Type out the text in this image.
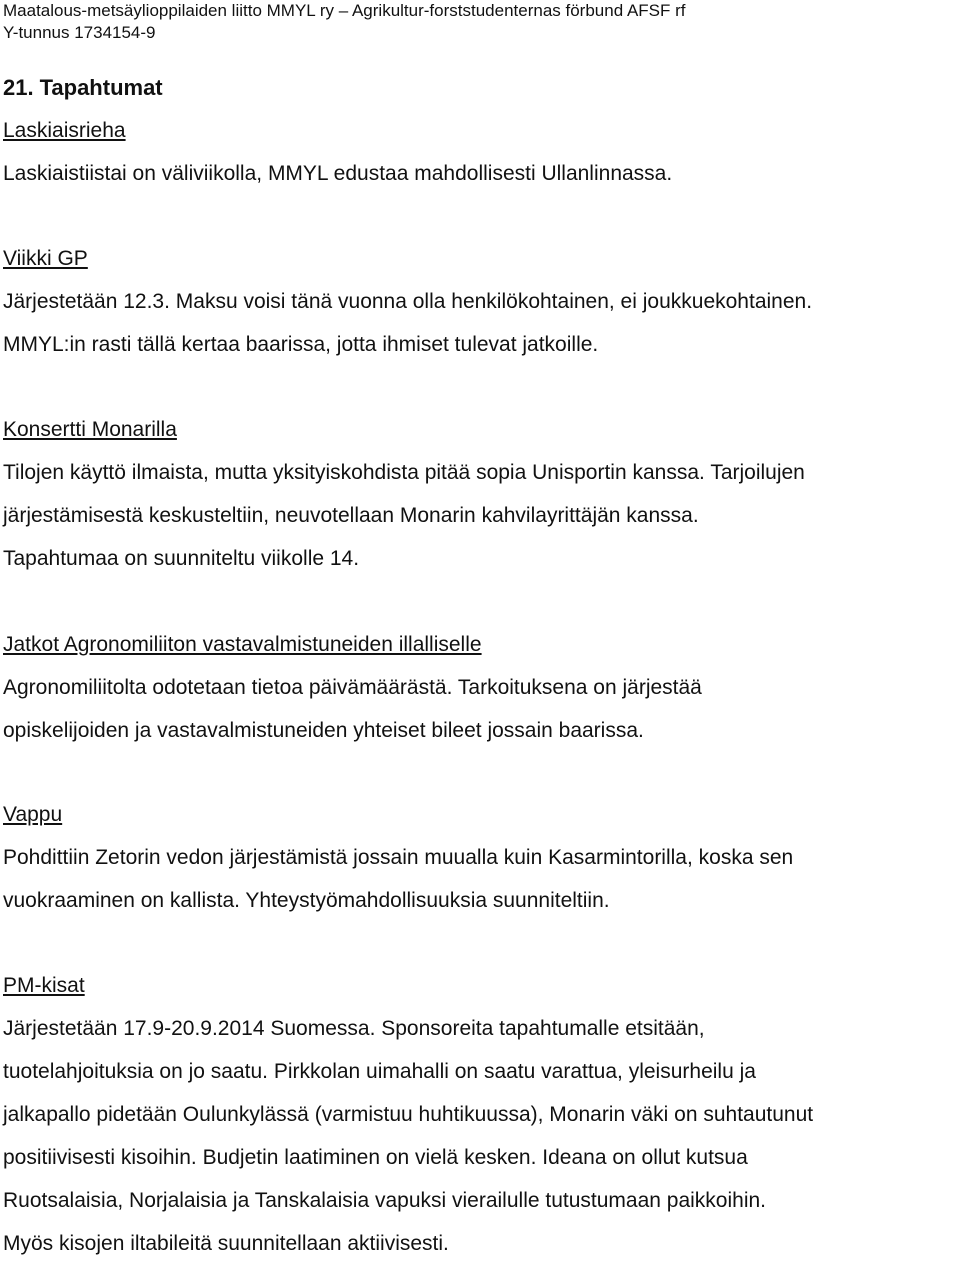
Maatalous-metsäylioppilaiden liitto MMYL ry – Agrikultur-forststudenternas förbund AFSF rf
Y-tunnus 1734154-9
21. Tapahtumat
Laskiaisrieha
Laskiaistiistai on väliviikolla, MMYL edustaa mahdollisesti Ullanlinnassa.
Viikki GP
Järjestetään 12.3. Maksu voisi tänä vuonna olla henkilökohtainen, ei joukkuekohtainen.
MMYL:in rasti tällä kertaa baarissa, jotta ihmiset tulevat jatkoille.
Konsertti Monarilla
Tilojen käyttö ilmaista, mutta yksityiskohdista pitää sopia Unisportin kanssa. Tarjoilujen
järjestämisestä keskusteltiin, neuvotellaan Monarin kahvilayrittäjän kanssa.
Tapahtumaa on suunniteltu viikolle 14.
Jatkot Agronomiliiton vastavalmistuneiden illalliselle
Agronomiliitolta odotetaan tietoa päivämäärästä. Tarkoituksena on järjestää
opiskelijoiden ja vastavalmistuneiden yhteiset bileet jossain baarissa.
Vappu
Pohdittiin Zetorin vedon järjestämistä jossain muualla kuin Kasarmintorilla, koska sen
vuokraaminen on kallista. Yhteystyömahdollisuuksia suunniteltiin.
PM-kisat
Järjestetään 17.9-20.9.2014 Suomessa. Sponsoreita tapahtumalle etsitään,
tuotelahjoituksia on jo saatu. Pirkkolan uimahalli on saatu varattua, yleisurheilu ja
jalkapallo pidetään Oulunkylässä (varmistuu huhtikuussa), Monarin väki on suhtautunut
positiivisesti kisoihin. Budjetin laatiminen on vielä kesken. Ideana on ollut kutsua
Ruotsalaisia, Norjalaisia ja Tanskalaisia vapuksi vierailulle tutustumaan paikkoihin.
Myös kisojen iltabileitä suunnitellaan aktiivisesti.
